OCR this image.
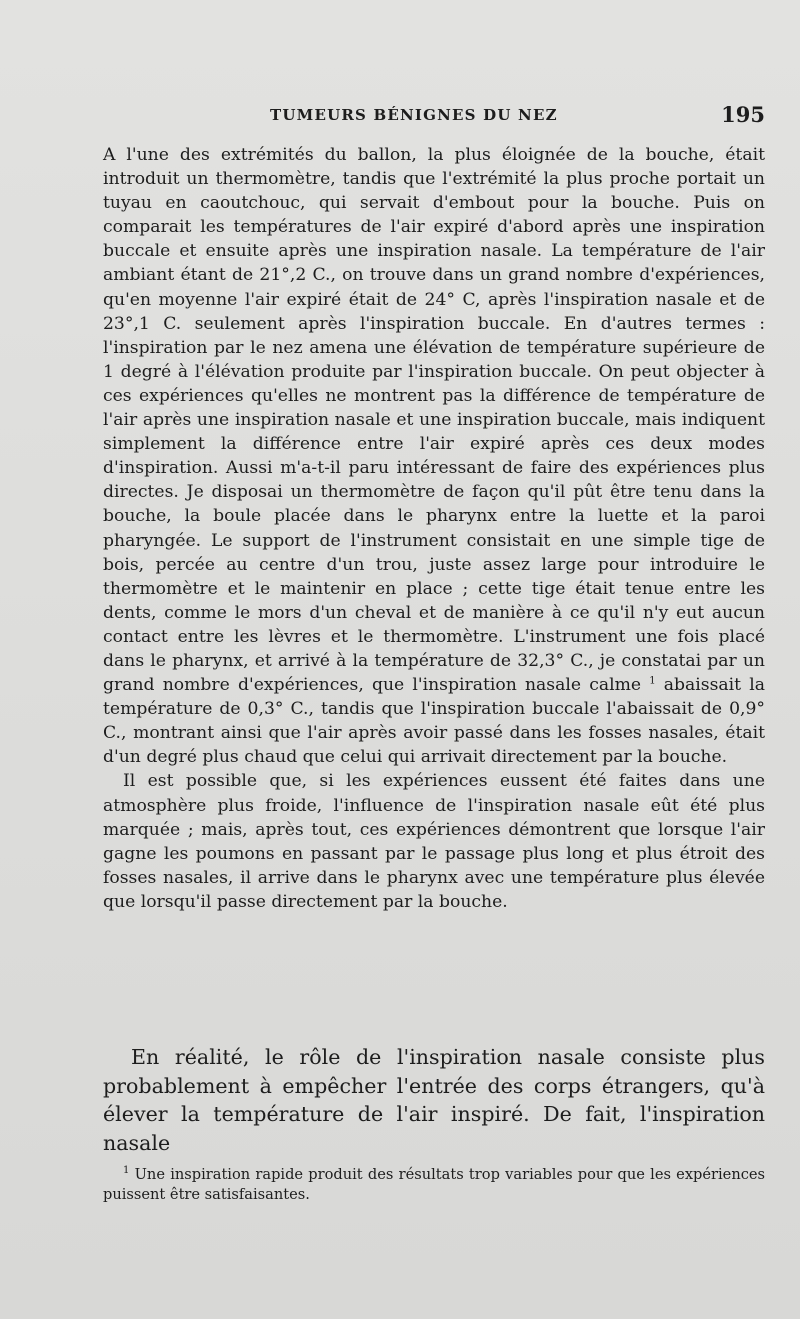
TUMEURS BÉNIGNES DU NEZ	195

A l'une des extrémités du ballon, la plus éloignée de la bouche, était introduit un thermomètre, tandis que l'extrémité la plus proche portait un tuyau en caoutchouc, qui servait d'embout pour la bouche. Puis on comparait les températures de l'air expiré d'abord après une inspiration buccale et ensuite après une inspiration nasale. La température de l'air ambiant étant de 21°,2 C., on trouve dans un grand nombre d'expériences, qu'en moyenne l'air expiré était de 24° C, après l'inspiration nasale et de 23°,1 C. seulement après l'inspiration buccale. En d'autres termes : l'inspiration par le nez amena une élévation de température supérieure de 1 degré à l'élévation produite par l'inspiration buccale. On peut objecter à ces expériences qu'elles ne montrent pas la différence de température de l'air après une inspiration nasale et une inspiration buccale, mais indiquent simplement la différence entre l'air expiré après ces deux modes d'inspiration. Aussi m'a-t-il paru intéressant de faire des expériences plus directes. Je disposai un thermomètre de façon qu'il pût être tenu dans la bouche, la boule placée dans le pharynx entre la luette et la paroi pharyngée. Le support de l'instrument consistait en une simple tige de bois, percée au centre d'un trou, juste assez large pour introduire le thermomètre et le maintenir en place ; cette tige était tenue entre les dents, comme le mors d'un cheval et de manière à ce qu'il n'y eut aucun contact entre les lèvres et le thermomètre. L'instrument une fois placé dans le pharynx, et arrivé à la température de 32,3° C., je constatai par un grand nombre d'expériences, que l'inspiration nasale calme $^1$ abaissait la température de 0,3° C., tandis que l'inspiration buccale l'abaissait de 0,9° C., montrant ainsi que l'air après avoir passé dans les fosses nasales, était d'un degré plus chaud que celui qui arrivait directement par la bouche.

Il est possible que, si les expériences eussent été faites dans une atmosphère plus froide, l'influence de l'inspiration nasale eût été plus marquée ; mais, après tout, ces expériences démontrent que lorsque l'air gagne les poumons en passant par le passage plus long et plus étroit des fosses nasales, il arrive dans le pharynx avec une température plus élevée que lorsqu'il passe directement par la bouche.

En réalité, le rôle de l'inspiration nasale consiste plus probablement à empêcher l'entrée des corps étrangers, qu'à élever la température de l'air inspiré. De fait, l'inspiration nasale

$^1$ Une inspiration rapide produit des résultats trop variables pour que les expériences puissent être satisfaisantes.
